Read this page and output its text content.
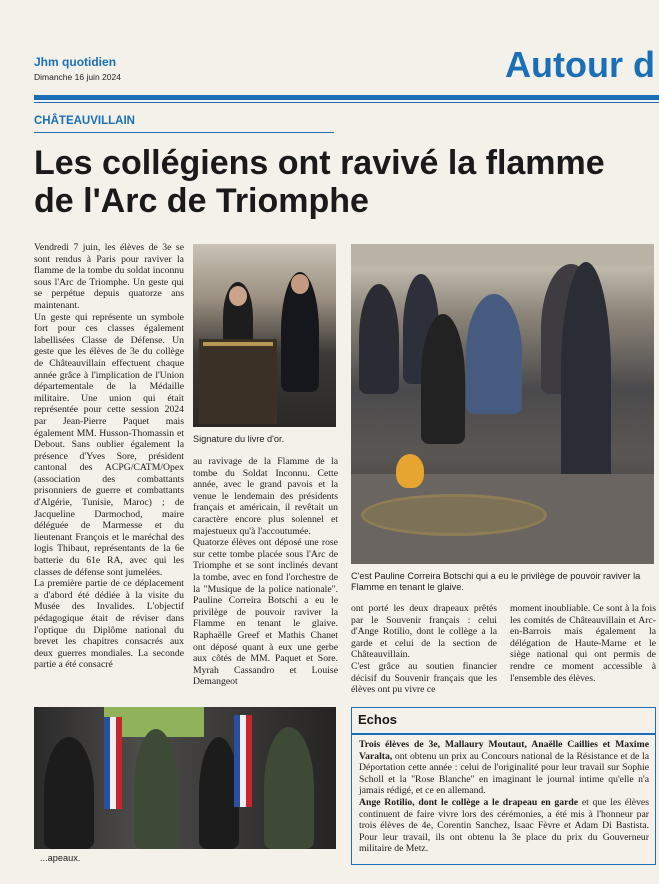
Jhm quotidien
Dimanche 16 juin 2024	Autour d
CHÂTEAUVILLAIN
Les collégiens ont ravivé la flamme de l'Arc de Triomphe

Vendredi 7 juin, les élèves de 3e se sont rendus à Paris pour raviver la flamme de la tombe du soldat inconnu sous l'Arc de Triomphe. Un geste qui se perpétue depuis quatorze ans maintenant.

Un geste qui représente un symbole fort pour ces classes également labellisées Classe de Défense. Un geste que les élèves de 3e du collège de Châteauvillain effectuent chaque année grâce à l'implication de l'Union départementale de la Médaille militaire. Une union qui était représentée pour cette session 2024 par Jean-Pierre Paquet mais également MM. Husson-Thomassin et Debout. Sans oublier également la présence d'Yves Sore, président cantonal des ACPG/CATM/Opex (association des combattants prisonniers de guerre et combattants d'Algérie, Tunisie, Maroc) ; de Jacqueline Darmochod, maire déléguée de Marmesse et du lieutenant François et le maréchal des logis Thibaut, représentants de la 6e batterie du 61e RA, avec qui les classes de défense sont jumelées.

La première partie de ce déplacement a d'abord été dédiée à la visite du Musée des Invalides. L'objectif pédagogique était de réviser dans l'optique du Diplôme national du brevet les chapitres consacrés aux deux guerres mondiales. La seconde partie a été consacré

Signature du livre d'or.

au ravivage de la Flamme de la tombe du Soldat Inconnu. Cette année, avec le grand pavois et la venue le lendemain des présidents français et américain, il revêtait un caractère encore plus solennel et majestueux qu'à l'accoutumée.

Quatorze élèves ont déposé une rose sur cette tombe placée sous l'Arc de Triomphe et se sont inclinés devant la tombe, avec en fond l'orchestre de la "Musique de la police nationale". Pauline Correira Botschi a eu le privilège de pouvoir raviver la Flamme en tenant le glaive. Raphaëlle Greef et Mathis Chanet ont déposé quant à eux une gerbe aux côtés de MM. Paquet et Sore. Myrah Cassandro et Louise Demangeot

C'est Pauline Correira Botschi qui a eu le privilège de pouvoir raviver la Flamme en tenant le glaive.

ont porté les deux drapeaux prêtés par le Souvenir français : celui d'Ange Rotilio, dont le collège a la garde et celui de la section de Châteauvillain.

C'est grâce au soutien financier décisif du Souvenir français que les élèves ont pu vivre ce

moment inoubliable. Ce sont à la fois les comités de Châteauvillain et Arc-en-Barrois mais également la délégation de Haute-Marne et le siège national qui ont permis de rendre ce moment accessible à l'ensemble des élèves.

...apeaux.
Echos

Trois élèves de 3e, Mallaury Moutaut, Anaëlle Caillies et Maxime Varalta, ont obtenu un prix au Concours national de la Résistance et de la Déportation cette année : celui de l'originalité pour leur travail sur Sophie Scholl et la "Rose Blanche" en imaginant le journal intime qu'elle n'a jamais rédigé, et ce en allemand.

Ange Rotilio, dont le collège a le drapeau en garde et que les élèves continuent de faire vivre lors des cérémonies, a été mis à l'honneur par trois élèves de 4e, Corentin Sanchez, Isaac Fèvre et Adam Di Bastista. Pour leur travail, ils ont obtenu la 3e place du prix du Gouverneur militaire de Metz.
